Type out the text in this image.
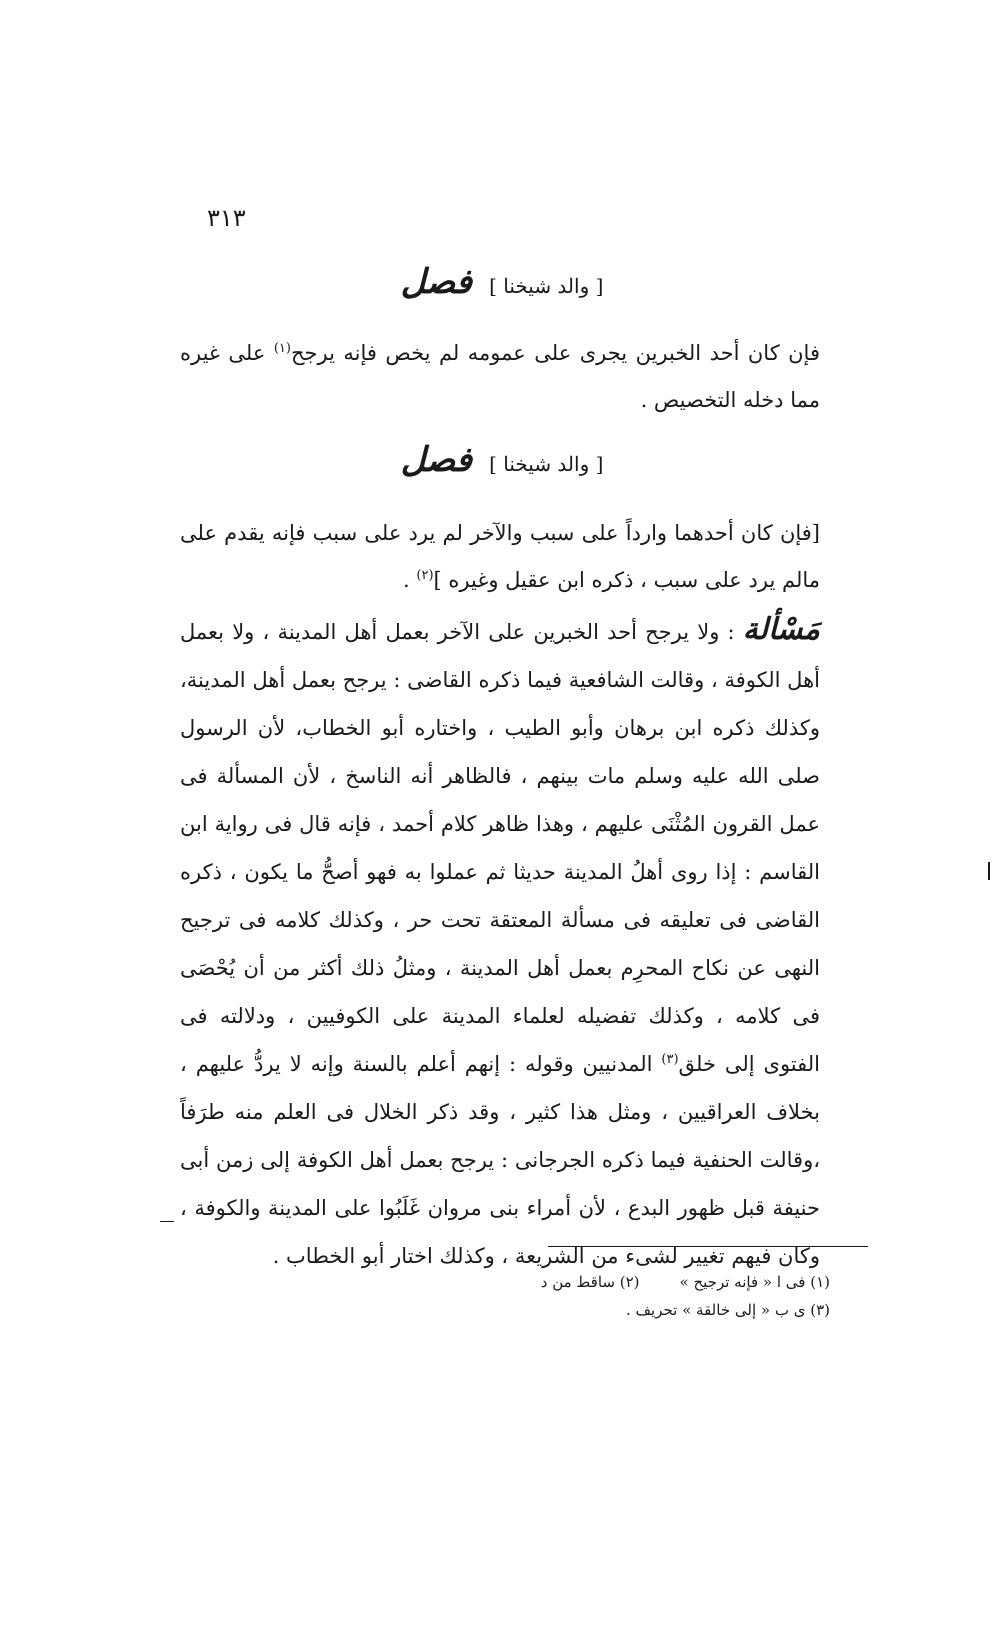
٣١٣
[ والد شيخنا ] فصل
فإن كان أحد الخبرين يجرى على عمومه لم يخص فإنه يرجح$^{(١)}$ على غيره مما دخله التخصيص .
[ والد شيخنا ] فصل
[فإن كان أحدهما وارداً على سبب والآخر لم يرد على سبب فإنه يقدم على مالم يرد على سبب ، ذكره ابن عقيل وغيره ]$^{(٢)}$ .
مَسْألة : ولا يرجح أحد الخبرين على الآخر بعمل أهل المدينة ، ولا بعمل أهل الكوفة ، وقالت الشافعية فيما ذكره القاضى : يرجح بعمل أهل المدينة، وكذلك ذكره ابن برهان وأبو الطيب ، واختاره أبو الخطاب، لأن الرسول صلى الله عليه وسلم مات بينهم ، فالظاهر أنه الناسخ ، لأن المسألة فى عمل القرون المُثْنَى عليهم ، وهذا ظاهر كلام أحمد ، فإنه قال فى رواية ابن القاسم : إذا روى أهلُ المدينة حديثا ثم عملوا به فهو أصحُّ ما يكون ، ذكره القاضى فى تعليقه فى مسألة المعتقة تحت حر ، وكذلك كلامه فى ترجيح النهى عن نكاح المحرِم بعمل أهل المدينة ، ومثلُ ذلك أكثر من أن يُحْصَى فى كلامه ، وكذلك تفضيله لعلماء المدينة على الكوفيين ، ودلالته فى الفتوى إلى خلق$^{(٣)}$ المدنيين وقوله : إنهم أعلم بالسنة وإنه لا يردُّ عليهم ، بخلاف العراقيين ، ومثل هذا كثير ، وقد ذكر الخلال فى العلم منه طرَفاً ،وقالت الحنفية فيما ذكره الجرجانى : يرجح بعمل أهل الكوفة إلى زمن أبى حنيفة قبل ظهور البدع ، لأن أمراء بنى مروان غَلَبُوا على المدينة والكوفة ، وكان فيهم تغيير لشىء من الشريعة ، وكذلك اختار أبو الخطاب .
(١) فى ا « فإنه ترجيح »(٢) ساقط من د
(٣) ى ب « إلى خالقة » تحريف .
